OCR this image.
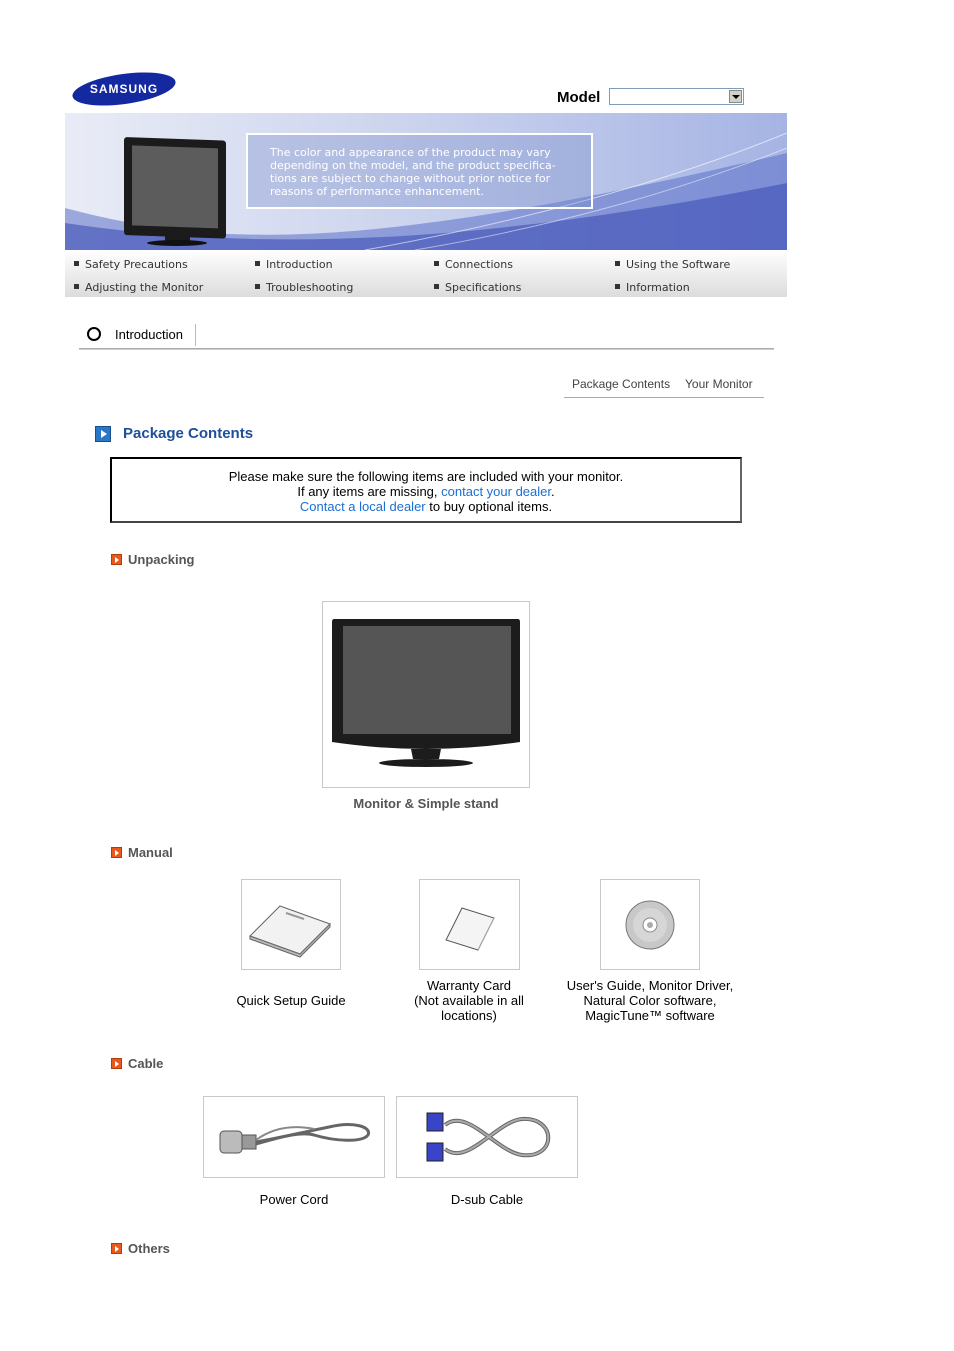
SAMSUNG	Model
The color and appearance of the product may vary
depending on the model, and the product specifica-
tions are subject to change without prior notice for
reasons of performance enhancement.
Safety Precautions	Introduction	Connections	Using the Software
Adjusting the Monitor	Troubleshooting	Specifications	Information
Introduction
Package Contents Your Monitor
Package Contents
Please make sure the following items are included with your monitor.
If any items are missing, contact your dealer.
Contact a local dealer to buy optional items.
Unpacking
Monitor & Simple stand
Manual
Quick Setup Guide
Warranty Card
(Not available in all
locations)
User's Guide, Monitor Driver,
Natural Color software,
MagicTune™ software
Cable
Power Cord	D-sub Cable
Others
